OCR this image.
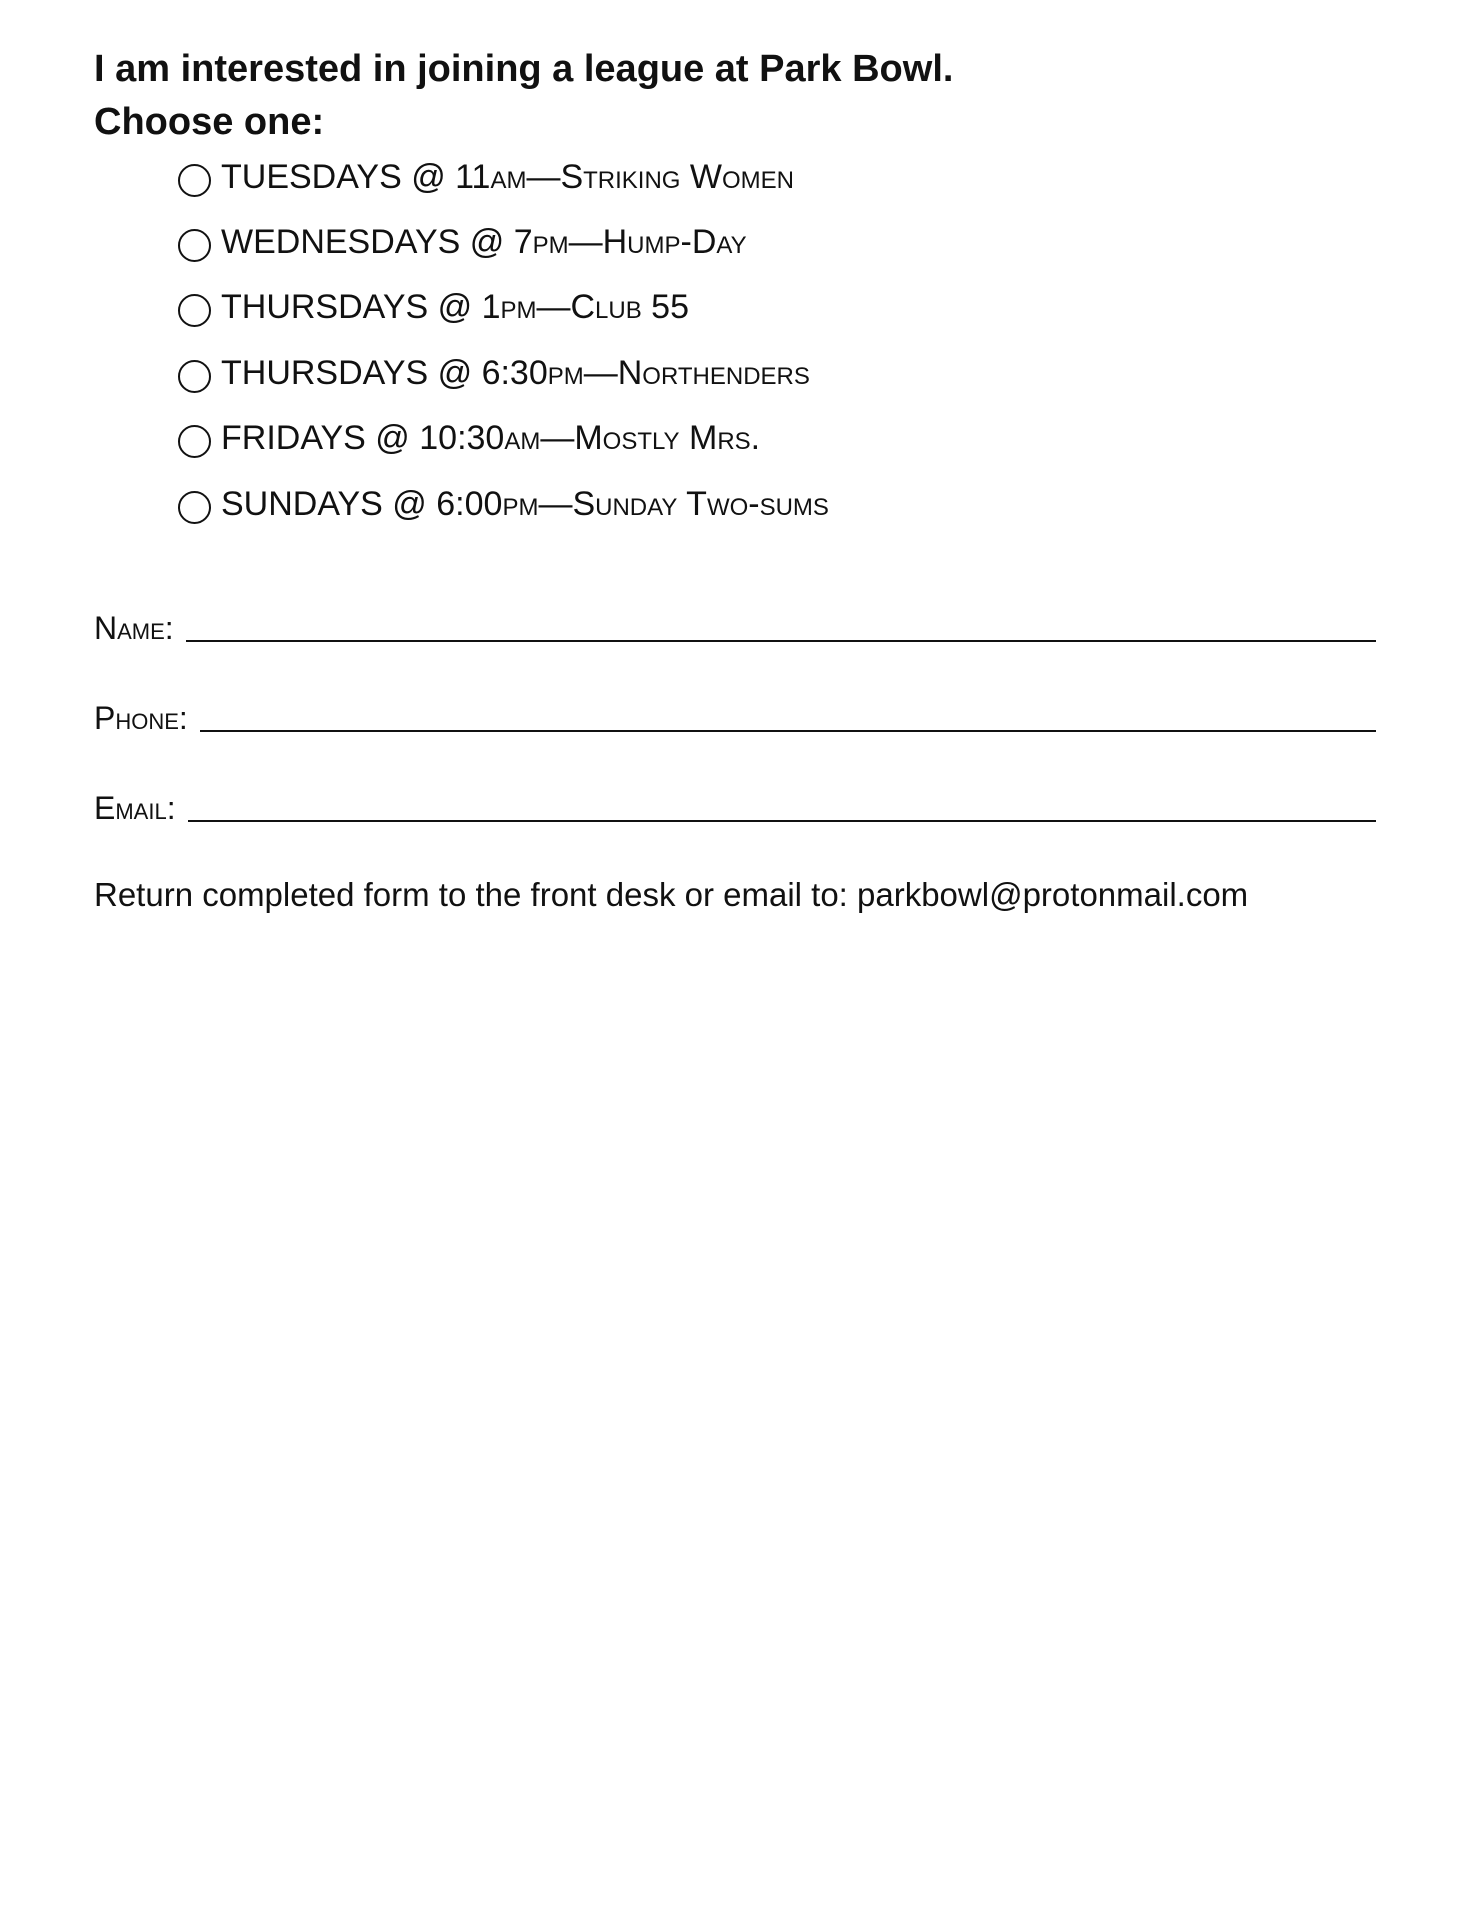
I am interested in joining a league at Park Bowl.
Choose one:
TUESDAYS @ 11am—Striking Women
WEDNESDAYS @ 7pm—Hump-Day
THURSDAYS @ 1pm—Club 55
THURSDAYS @ 6:30pm—Northenders
FRIDAYS @ 10:30am—Mostly Mrs.
SUNDAYS @ 6:00pm—Sunday Two-sums
Name:
Phone:
Email:

Return completed form to the front desk or email to: parkbowl@protonmail.com
